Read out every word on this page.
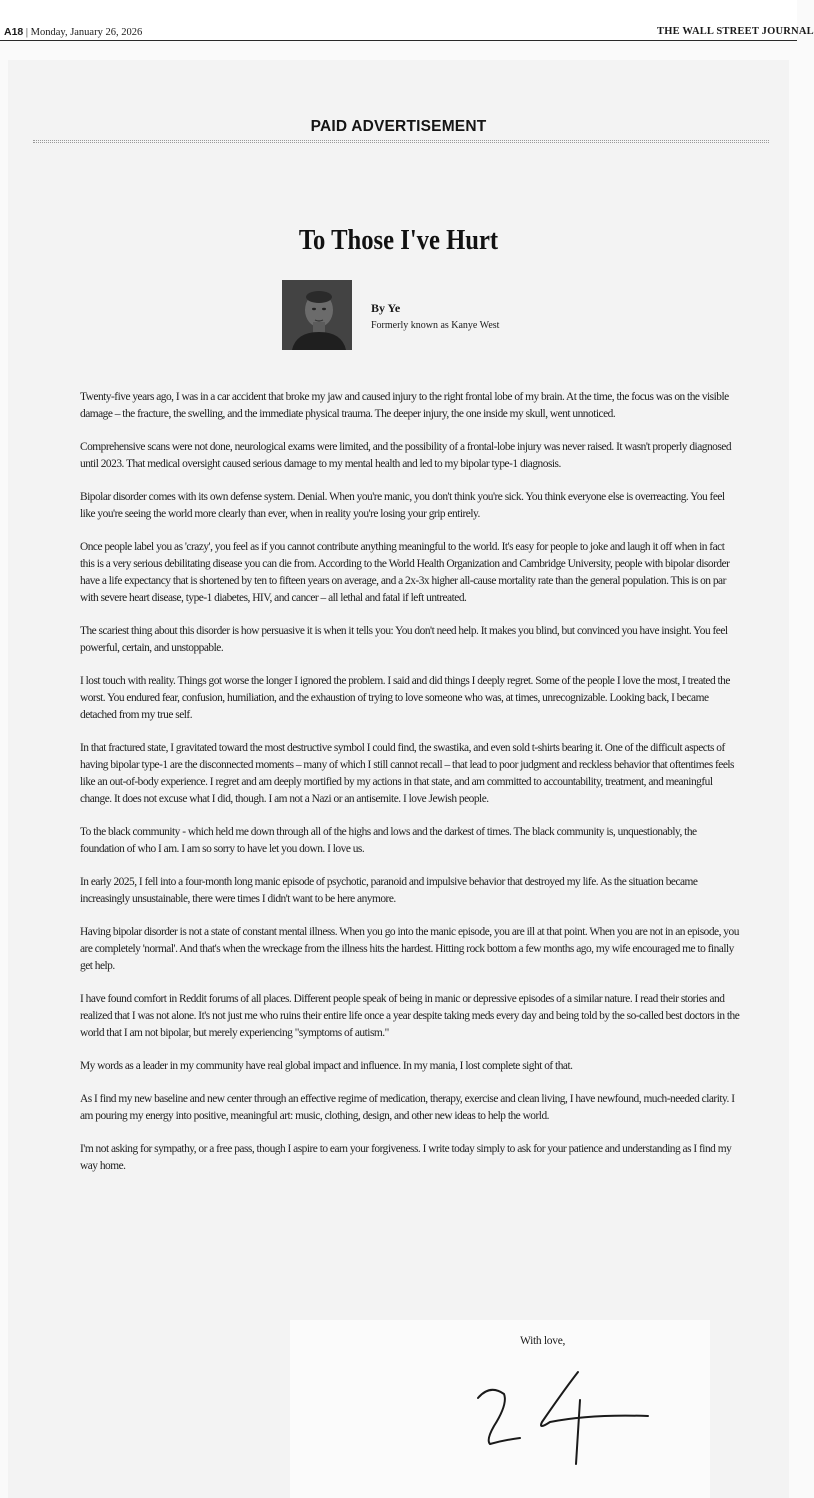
A18 | Monday, January 26, 2026	THE WALL STREET JOURNAL
PAID ADVERTISEMENT
To Those I've Hurt
By Ye
Formerly known as Kanye West

Twenty-five years ago, I was in a car accident that broke my jaw and caused injury to the right frontal lobe of my brain. At the time, the focus was on the visible damage – the fracture, the swelling, and the immediate physical trauma. The deeper injury, the one inside my skull, went unnoticed.

Comprehensive scans were not done, neurological exams were limited, and the possibility of a frontal-lobe injury was never raised. It wasn't properly diagnosed until 2023. That medical oversight caused serious damage to my mental health and led to my bipolar type-1 diagnosis.

Bipolar disorder comes with its own defense system. Denial. When you're manic, you don't think you're sick. You think everyone else is overreacting. You feel like you're seeing the world more clearly than ever, when in reality you're losing your grip entirely.

Once people label you as 'crazy', you feel as if you cannot contribute anything meaningful to the world. It's easy for people to joke and laugh it off when in fact this is a very serious debilitating disease you can die from. According to the World Health Organization and Cambridge University, people with bipolar disorder have a life expectancy that is shortened by ten to fifteen years on average, and a 2x-3x higher all-cause mortality rate than the general population. This is on par with severe heart disease, type-1 diabetes, HIV, and cancer – all lethal and fatal if left untreated.

The scariest thing about this disorder is how persuasive it is when it tells you: You don't need help. It makes you blind, but convinced you have insight. You feel powerful, certain, and unstoppable.

I lost touch with reality. Things got worse the longer I ignored the problem. I said and did things I deeply regret. Some of the people I love the most, I treated the worst. You endured fear, confusion, humiliation, and the exhaustion of trying to love someone who was, at times, unrecognizable. Looking back, I became detached from my true self.

In that fractured state, I gravitated toward the most destructive symbol I could find, the swastika, and even sold t-shirts bearing it. One of the difficult aspects of having bipolar type-1 are the disconnected moments – many of which I still cannot recall – that lead to poor judgment and reckless behavior that oftentimes feels like an out-of-body experience. I regret and am deeply mortified by my actions in that state, and am committed to accountability, treatment, and meaningful change. It does not excuse what I did, though. I am not a Nazi or an antisemite. I love Jewish people.

To the black community - which held me down through all of the highs and lows and the darkest of times. The black community is, unquestionably, the foundation of who I am. I am so sorry to have let you down. I love us.

In early 2025, I fell into a four-month long manic episode of psychotic, paranoid and impulsive behavior that destroyed my life. As the situation became increasingly unsustainable, there were times I didn't want to be here anymore.

Having bipolar disorder is not a state of constant mental illness. When you go into the manic episode, you are ill at that point. When you are not in an episode, you are completely 'normal'. And that's when the wreckage from the illness hits the hardest. Hitting rock bottom a few months ago, my wife encouraged me to finally get help.

I have found comfort in Reddit forums of all places. Different people speak of being in manic or depressive episodes of a similar nature. I read their stories and realized that I was not alone. It's not just me who ruins their entire life once a year despite taking meds every day and being told by the so-called best doctors in the world that I am not bipolar, but merely experiencing "symptoms of autism."

My words as a leader in my community have real global impact and influence. In my mania, I lost complete sight of that.

As I find my new baseline and new center through an effective regime of medication, therapy, exercise and clean living, I have newfound, much-needed clarity. I am pouring my energy into positive, meaningful art: music, clothing, design, and other new ideas to help the world.

I'm not asking for sympathy, or a free pass, though I aspire to earn your forgiveness. I write today simply to ask for your patience and understanding as I find my way home.

With love,
